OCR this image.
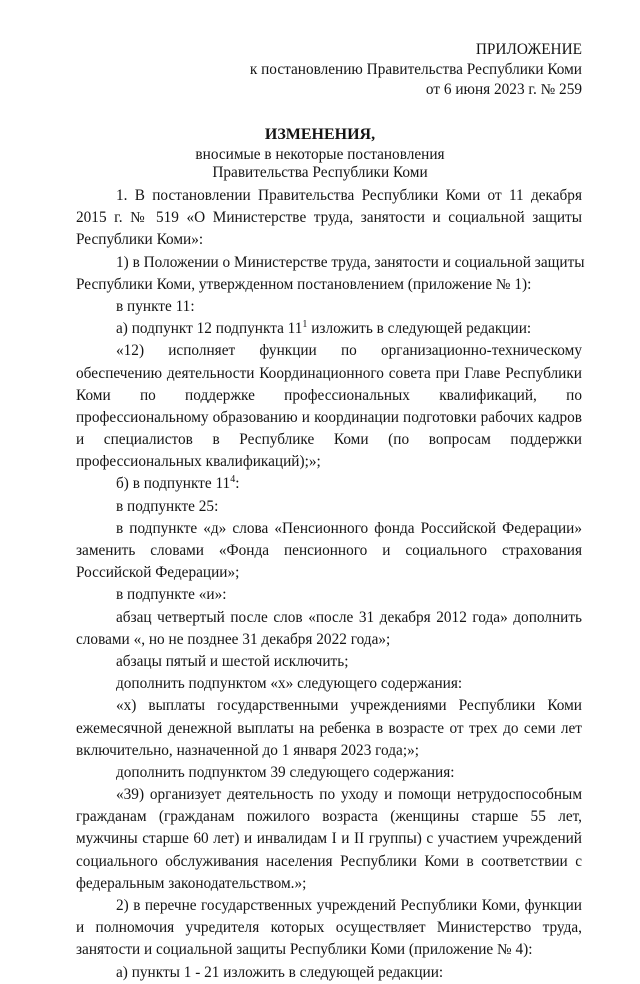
ПРИЛОЖЕНИЕ
к постановлению Правительства Республики Коми
от 6 июня 2023 г. № 259
ИЗМЕНЕНИЯ,
вносимые в некоторые постановления
Правительства Республики Коми
1. В постановлении Правительства Республики Коми от 11 декабря
2015 г. № 519 «О Министерстве труда, занятости и социальной защиты
Республики Коми»:
1) в Положении о Министерстве труда, занятости и социальной защиты
Республики Коми, утвержденном постановлением (приложение № 1):
в пункте 11:
а) подпункт 12 подпункта $11^1$ изложить в следующей редакции:
«12) исполняет функции по организационно-техническому
обеспечению деятельности Координационного совета при Главе Республики
Коми по поддержке профессиональных квалификаций, по
профессиональному образованию и координации подготовки рабочих кадров
и специалистов в Республике Коми (по вопросам поддержки
профессиональных квалификаций);»;
б) в подпункте $11^4$:
в подпункте 25:
в подпункте «д» слова «Пенсионного фонда Российской Федерации»
заменить словами «Фонда пенсионного и социального страхования
Российской Федерации»;
в подпункте «и»:
абзац четвертый после слов «после 31 декабря 2012 года» дополнить
словами «, но не позднее 31 декабря 2022 года»;
абзацы пятый и шестой исключить;
дополнить подпунктом «х» следующего содержания:
«х) выплаты государственными учреждениями Республики Коми
ежемесячной денежной выплаты на ребенка в возрасте от трех до семи лет
включительно, назначенной до 1 января 2023 года;»;
дополнить подпунктом 39 следующего содержания:
«39) организует деятельность по уходу и помощи нетрудоспособным
гражданам (гражданам пожилого возраста (женщины старше 55 лет,
мужчины старше 60 лет) и инвалидам I и II группы) с участием учреждений
социального обслуживания населения Республики Коми в соответствии с
федеральным законодательством.»;
2) в перечне государственных учреждений Республики Коми, функции
и полномочия учредителя которых осуществляет Министерство труда,
занятости и социальной защиты Республики Коми (приложение № 4):
а) пункты 1 - 21 изложить в следующей редакции:
